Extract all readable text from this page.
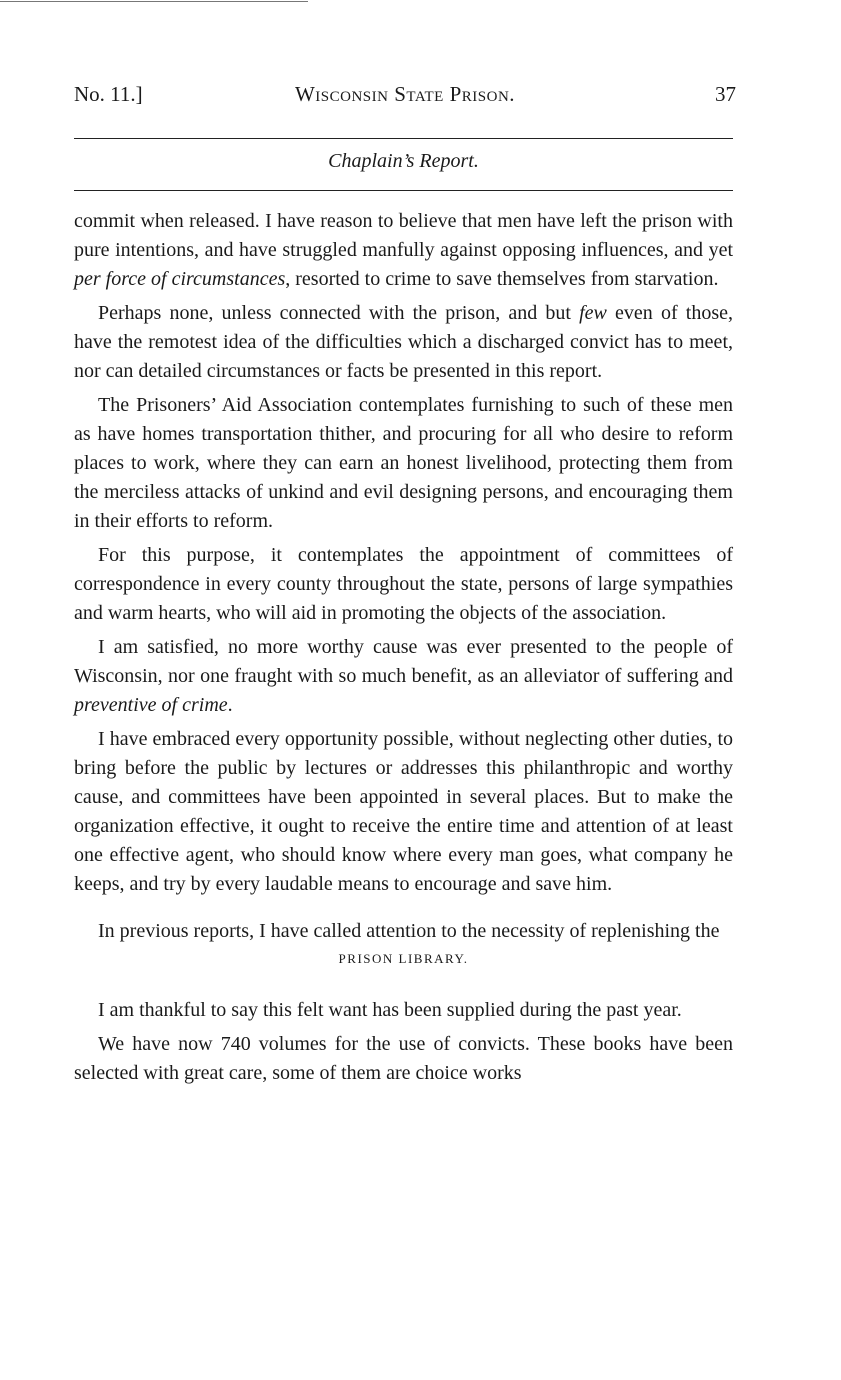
No. 11.]	Wisconsin State Prison.	37
Chaplain’s Report.

commit when released. I have reason to believe that men have left the prison with pure intentions, and have struggled manfully against opposing influences, and yet per force of circumstances, resorted to crime to save themselves from starvation.

Perhaps none, unless connected with the prison, and but few even of those, have the remotest idea of the difficulties which a discharged convict has to meet, nor can detailed circumstances or facts be presented in this report.

The Prisoners’ Aid Association contemplates furnishing to such of these men as have homes transportation thither, and procuring for all who desire to reform places to work, where they can earn an honest livelihood, protecting them from the merciless attacks of unkind and evil designing persons, and encouraging them in their efforts to reform.

For this purpose, it contemplates the appointment of committees of correspondence in every county throughout the state, persons of large sympathies and warm hearts, who will aid in promoting the objects of the association.

I am satisfied, no more worthy cause was ever presented to the people of Wisconsin, nor one fraught with so much benefit, as an alleviator of suffering and preventive of crime.

I have embraced every opportunity possible, without neglecting other duties, to bring before the public by lectures or addresses this philanthropic and worthy cause, and committees have been appointed in several places. But to make the organization effective, it ought to receive the entire time and attention of at least one effective agent, who should know where every man goes, what company he keeps, and try by every laudable means to encourage and save him.

In previous reports, I have called attention to the necessity of replenishing the

PRISON LIBRARY.

I am thankful to say this felt want has been supplied during the past year.

We have now 740 volumes for the use of convicts. These books have been selected with great care, some of them are choice works
